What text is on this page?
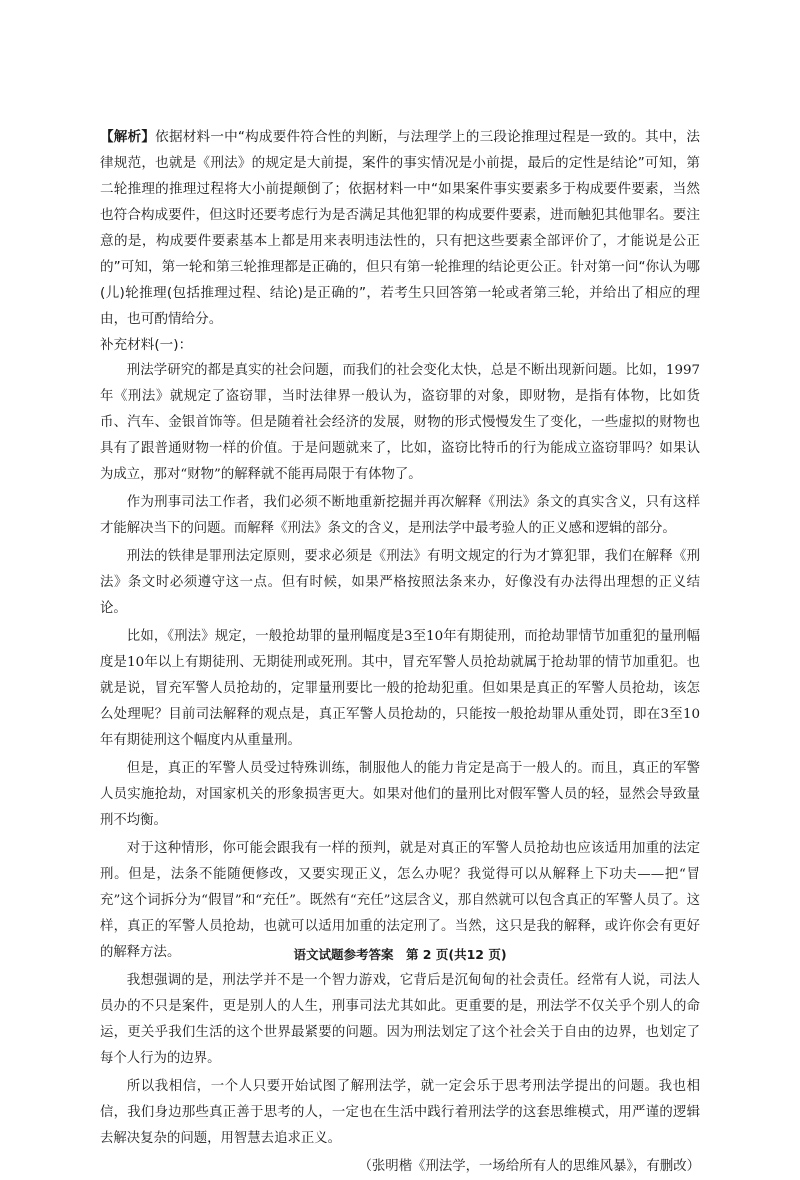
【解析】依据材料一中“构成要件符合性的判断，与法理学上的三段论推理过程是一致的。其中，法律规范，也就是《刑法》的规定是大前提，案件的事实情况是小前提，最后的定性是结论”可知，第二轮推理的推理过程将大小前提颠倒了；依据材料一中“如果案件事实要素多于构成要件要素，当然也符合构成要件，但这时还要考虑行为是否满足其他犯罪的构成要件要素，进而触犯其他罪名。要注意的是，构成要件要素基本上都是用来表明违法性的，只有把这些要素全部评价了，才能说是公正的”可知，第一轮和第三轮推理都是正确的，但只有第一轮推理的结论更公正。针对第一问“你认为哪(儿)轮推理(包括推理过程、结论)是正确的”，若考生只回答第一轮或者第三轮，并给出了相应的理由，也可酌情给分。

补充材料(一)：

刑法学研究的都是真实的社会问题，而我们的社会变化太快，总是不断出现新问题。比如，1997年《刑法》就规定了盗窃罪，当时法律界一般认为，盗窃罪的对象，即财物，是指有体物，比如货币、汽车、金银首饰等。但是随着社会经济的发展，财物的形式慢慢发生了变化，一些虚拟的财物也具有了跟普通财物一样的价值。于是问题就来了，比如，盗窃比特币的行为能成立盗窃罪吗？如果认为成立，那对“财物”的解释就不能再局限于有体物了。

作为刑事司法工作者，我们必须不断地重新挖掘并再次解释《刑法》条文的真实含义，只有这样才能解决当下的问题。而解释《刑法》条文的含义，是刑法学中最考验人的正义感和逻辑的部分。

刑法的铁律是罪刑法定原则，要求必须是《刑法》有明文规定的行为才算犯罪，我们在解释《刑法》条文时必须遵守这一点。但有时候，如果严格按照法条来办，好像没有办法得出理想的正义结论。

比如，《刑法》规定，一般抢劫罪的量刑幅度是3至10年有期徒刑，而抢劫罪情节加重犯的量刑幅度是10年以上有期徒刑、无期徒刑或死刑。其中，冒充军警人员抢劫就属于抢劫罪的情节加重犯。也就是说，冒充军警人员抢劫的，定罪量刑要比一般的抢劫犯重。但如果是真正的军警人员抢劫，该怎么处理呢？目前司法解释的观点是，真正军警人员抢劫的，只能按一般抢劫罪从重处罚，即在3至10年有期徒刑这个幅度内从重量刑。

但是，真正的军警人员受过特殊训练，制服他人的能力肯定是高于一般人的。而且，真正的军警人员实施抢劫，对国家机关的形象损害更大。如果对他们的量刑比对假军警人员的轻，显然会导致量刑不均衡。

对于这种情形，你可能会跟我有一样的预判，就是对真正的军警人员抢劫也应该适用加重的法定刑。但是，法条不能随便修改，又要实现正义，怎么办呢？我觉得可以从解释上下功夫——把“冒充”这个词拆分为“假冒”和“充任”。既然有“充任”这层含义，那自然就可以包含真正的军警人员了。这样，真正的军警人员抢劫，也就可以适用加重的法定刑了。当然，这只是我的解释，或许你会有更好的解释方法。

我想强调的是，刑法学并不是一个智力游戏，它背后是沉甸甸的社会责任。经常有人说，司法人员办的不只是案件，更是别人的人生，刑事司法尤其如此。更重要的是，刑法学不仅关乎个别人的命运，更关乎我们生活的这个世界最紧要的问题。因为刑法划定了这个社会关于自由的边界，也划定了每个人行为的边界。

所以我相信，一个人只要开始试图了解刑法学，就一定会乐于思考刑法学提出的问题。我也相信，我们身边那些真正善于思考的人，一定也在生活中践行着刑法学的这套思维模式，用严谨的逻辑去解决复杂的问题，用智慧去追求正义。

（张明楷《刑法学，一场给所有人的思维风暴》，有删改）

语文试题参考答案　第 2 页(共12 页)
